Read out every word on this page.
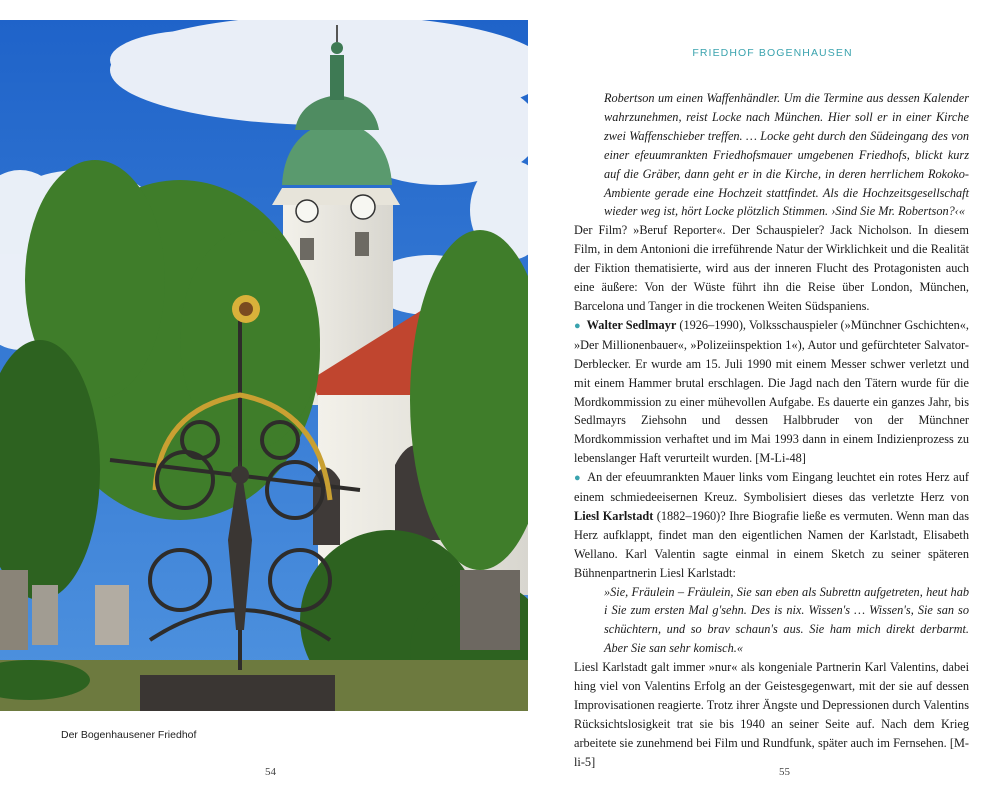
Der Bogenhausener Friedhof
54
FRIEDHOF BOGENHAUSEN

Robertson um einen Waffenhändler. Um die Termine aus dessen Kalender wahrzunehmen, reist Locke nach München. Hier soll er in einer Kirche zwei Waffenschieber treffen. … Locke geht durch den Südeingang des von einer efeuumrankten Friedhofsmauer umgebenen Friedhofs, blickt kurz auf die Gräber, dann geht er in die Kirche, in deren herrlichem Rokoko-Ambiente gerade eine Hochzeit stattfindet. Als die Hochzeitsgesellschaft wieder weg ist, hört Locke plötzlich Stimmen. ›Sind Sie Mr. Robertson?‹«

Der Film? »Beruf Reporter«. Der Schauspieler? Jack Nicholson. In diesem Film, in dem Antonioni die irreführende Natur der Wirklichkeit und die Realität der Fiktion thematisierte, wird aus der inneren Flucht des Protagonisten auch eine äußere: Von der Wüste führt ihn die Reise über London, München, Barcelona und Tanger in die trockenen Weiten Südspaniens.

● Walter Sedlmayr (1926–1990), Volksschauspieler (»Münchner Gschichten«, »Der Millionenbauer«, »Polizeiinspektion 1«), Autor und gefürchteter Salvator-Derblecker. Er wurde am 15. Juli 1990 mit einem Messer schwer verletzt und mit einem Hammer brutal erschlagen. Die Jagd nach den Tätern wurde für die Mordkommission zu einer mühevollen Aufgabe. Es dauerte ein ganzes Jahr, bis Sedlmayrs Ziehsohn und dessen Halbbruder von der Münchner Mordkommission verhaftet und im Mai 1993 dann in einem Indizienprozess zu lebenslanger Haft verurteilt wurden. [M-Li-48]

● An der efeuumrankten Mauer links vom Eingang leuchtet ein rotes Herz auf einem schmiedeeisernen Kreuz. Symbolisiert dieses das verletzte Herz von Liesl Karlstadt (1882–1960)? Ihre Biografie ließe es vermuten. Wenn man das Herz aufklappt, findet man den eigentlichen Namen der Karlstadt, Elisabeth Wellano. Karl Valentin sagte einmal in einem Sketch zu seiner späteren Bühnenpartnerin Liesl Karlstadt:

»Sie, Fräulein – Fräulein, Sie san eben als Subrettn aufgetreten, heut hab i Sie zum ersten Mal g'sehn. Des is nix. Wissen's … Wissen's, Sie san so schüchtern, und so brav schaun's aus. Sie ham mich direkt derbarmt. Aber Sie san sehr komisch.«

Liesl Karlstadt galt immer »nur« als kongeniale Partnerin Karl Valentins, dabei hing viel von Valentins Erfolg an der Geistesgegenwart, mit der sie auf dessen Improvisationen reagierte. Trotz ihrer Ängste und Depressionen durch Valentins Rücksichtslosigkeit trat sie bis 1940 an seiner Seite auf. Nach dem Krieg arbeitete sie zunehmend bei Film und Rundfunk, später auch im Fernsehen. [M-li-5]

55
